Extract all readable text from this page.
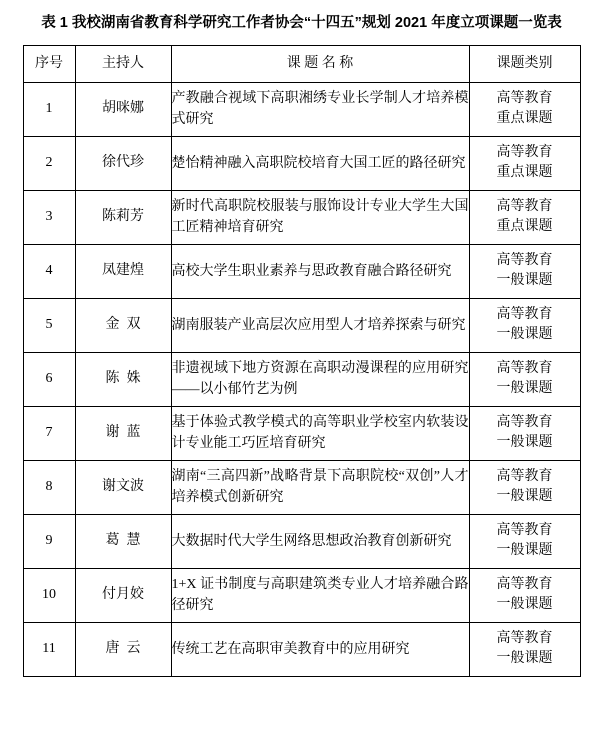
表 1 我校湖南省教育科学研究工作者协会“十四五”规划 2021 年度立项课题一览表
序号	主持人	课 题 名 称	课题类别

1	胡咪娜	产教融合视域下高职湘绣专业长学制人才培养模式研究	高等教育
重点课题

2	徐代珍	楚怡精神融入高职院校培育大国工匠的路径研究	高等教育
重点课题

3	陈莉芳	新时代高职院校服装与服饰设计专业大学生大国工匠精神培育研究	高等教育
重点课题

4	凤建煌	高校大学生职业素养与思政教育融合路径研究	高等教育
一般课题

5	金  双	湖南服装产业高层次应用型人才培养探索与研究	高等教育
一般课题

6	陈  姝	非遗视域下地方资源在高职动漫课程的应用研究——以小郁竹艺为例	高等教育
一般课题

7	谢  蓝	基于体验式教学模式的高等职业学校室内软装设计专业能工巧匠培育研究	高等教育
一般课题

8	谢文波	湖南“三高四新”战略背景下高职院校“双创”人才培养模式创新研究	高等教育
一般课题

9	葛  慧	大数据时代大学生网络思想政治教育创新研究	高等教育
一般课题

10	付月姣	1+X 证书制度与高职建筑类专业人才培养融合路径研究	高等教育
一般课题

11	唐  云	传统工艺在高职审美教育中的应用研究	高等教育
一般课题
